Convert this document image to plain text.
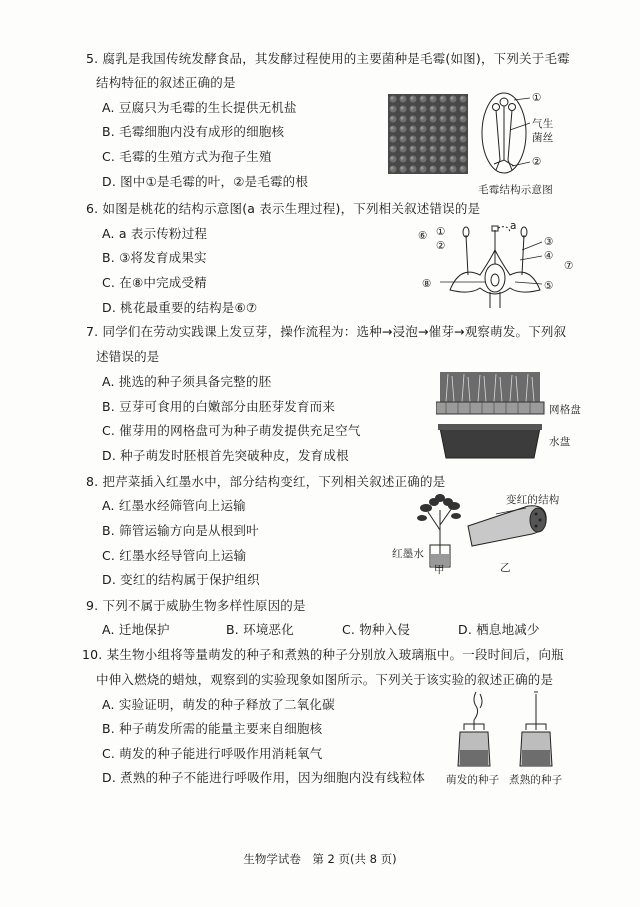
5. 腐乳是我国传统发酵食品，其发酵过程使用的主要菌种是毛霉(如图)，下列关于毛霉
结构特征的叙述正确的是
A. 豆腐只为毛霉的生长提供无机盐
B. 毛霉细胞内没有成形的细胞核
C. 毛霉的生殖方式为孢子生殖
D. 图中①是毛霉的叶，②是毛霉的根
①
气生
菌丝
②
毛霉结构示意图
6. 如图是桃花的结构示意图(a 表示生理过程)，下列相关叙述错误的是
A. a 表示传粉过程
B. ③将发育成果实
C. 在⑧中完成受精
D. 桃花最重要的结构是⑥⑦
⑥ ①
②
a
③
④
⑦
⑧	⑤
7. 同学们在劳动实践课上发豆芽，操作流程为：选种→浸泡→催芽→观察萌发。下列叙
述错误的是
A. 挑选的种子须具备完整的胚
B. 豆芽可食用的白嫩部分由胚芽发育而来
C. 催芽用的网格盘可为种子萌发提供充足空气
D. 种子萌发时胚根首先突破种皮，发育成根
网格盘
水盘
8. 把芹菜插入红墨水中，部分结构变红，下列相关叙述正确的是
A. 红墨水经筛管向上运输
B. 筛管运输方向是从根到叶
C. 红墨水经导管向上运输
D. 变红的结构属于保护组织
红墨水
甲
变红的结构
乙
9. 下列不属于威胁生物多样性原因的是
A. 迁地保护	B. 环境恶化	C. 物种入侵	D. 栖息地减少
10. 某生物小组将等量萌发的种子和煮熟的种子分别放入玻璃瓶中。一段时间后，向瓶
中伸入燃烧的蜡烛，观察到的实验现象如图所示。下列关于该实验的叙述正确的是
A. 实验证明，萌发的种子释放了二氧化碳
B. 种子萌发所需的能量主要来自细胞核
C. 萌发的种子能进行呼吸作用消耗氧气
D. 煮熟的种子不能进行呼吸作用，因为细胞内没有线粒体 萌发的种子 煮熟的种子
生物学试卷　第 2 页(共 8 页)
